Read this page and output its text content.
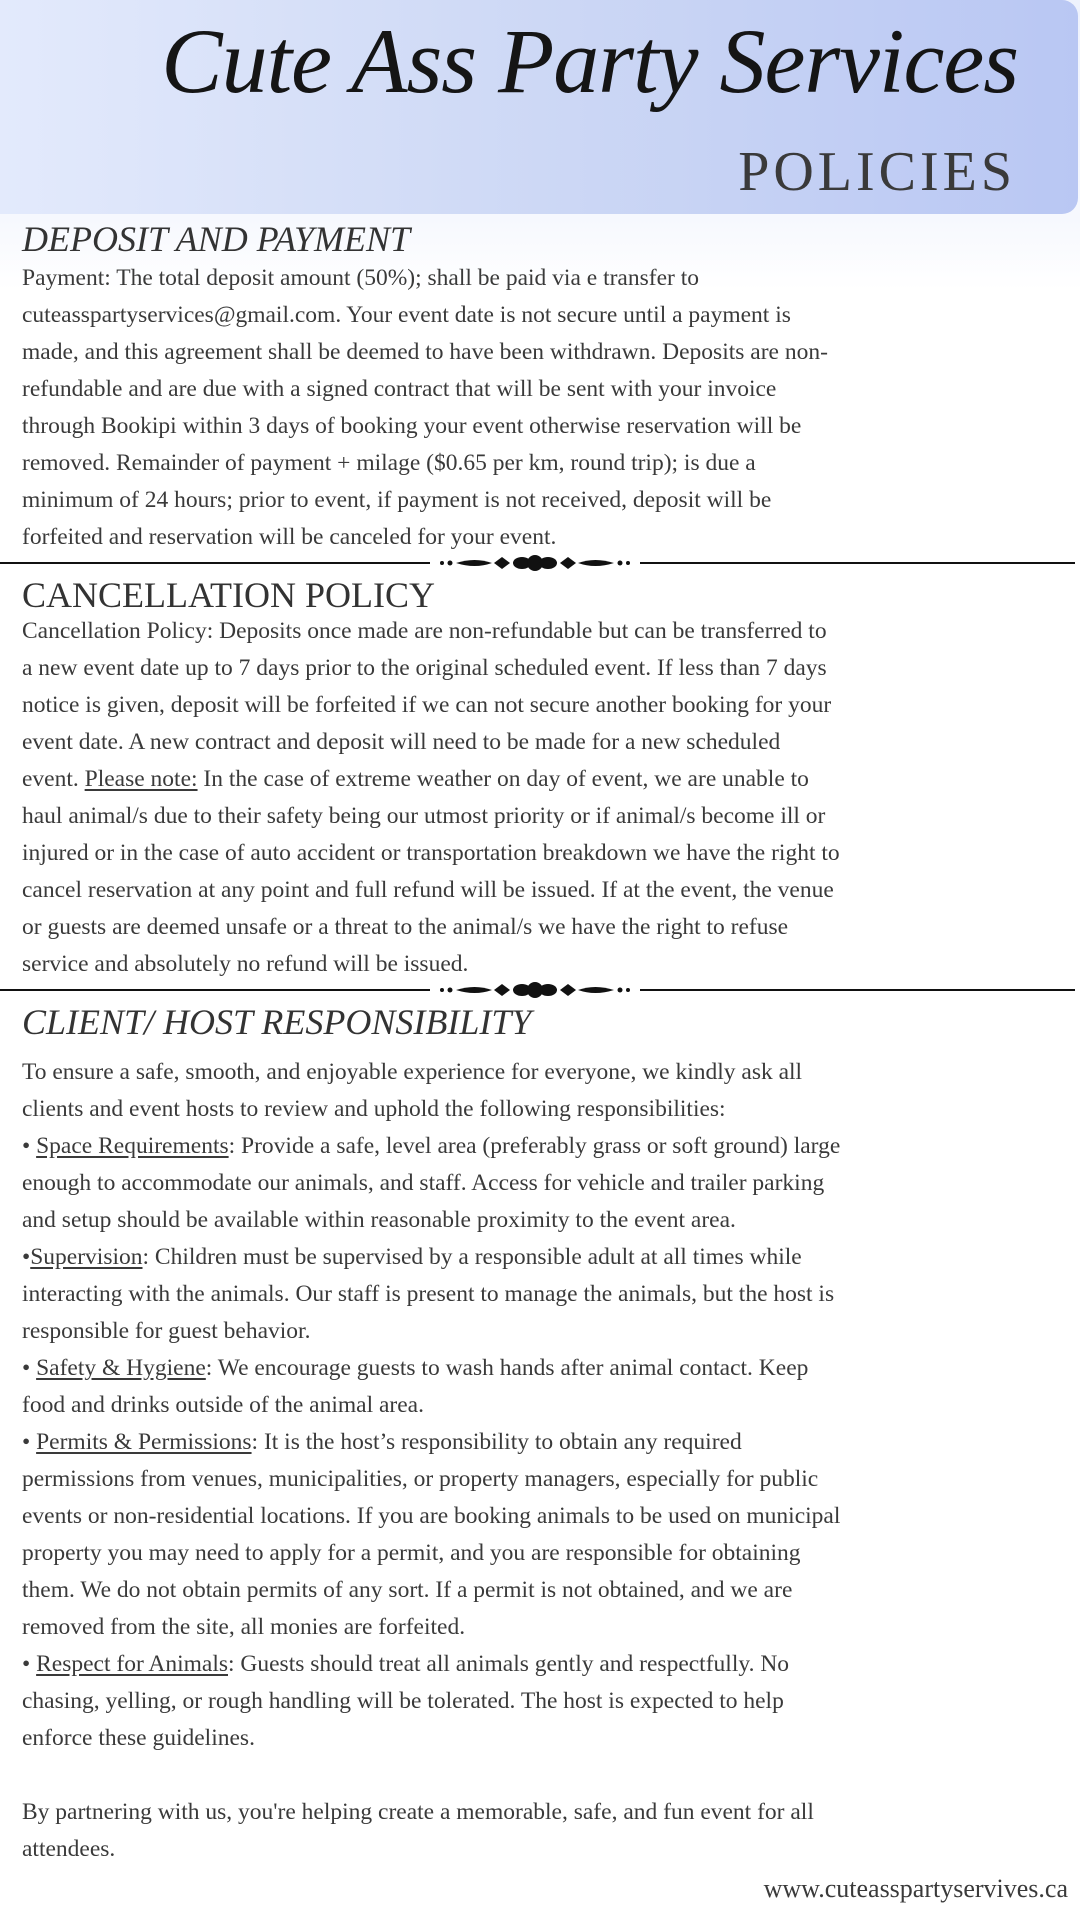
Cute Ass Party Services
POLICIES
DEPOSIT AND PAYMENT
Payment: The total deposit amount (50%); shall be paid via e transfer to
cuteasspartyservices@gmail.com. Your event date is not secure until a payment is
made, and this agreement shall be deemed to have been withdrawn. Deposits are non-
refundable and are due with a signed contract that will be sent with your invoice
through Bookipi within 3 days of booking your event otherwise reservation will be
removed. Remainder of payment + milage ($0.65 per km, round trip); is due a
minimum of 24 hours; prior to event, if payment is not received, deposit will be
forfeited and reservation will be canceled for your event.
CANCELLATION POLICY
Cancellation Policy: Deposits once made are non-refundable but can be transferred to
a new event date up to 7 days prior to the original scheduled event. If less than 7 days
notice is given, deposit will be forfeited if we can not secure another booking for your
event date. A new contract and deposit will need to be made for a new scheduled
event. Please note: In the case of extreme weather on day of event, we are unable to
haul animal/s due to their safety being our utmost priority or if animal/s become ill or
injured or in the case of auto accident or transportation breakdown we have the right to
cancel reservation at any point and full refund will be issued. If at the event, the venue
or guests are deemed unsafe or a threat to the animal/s we have the right to refuse
service and absolutely no refund will be issued.
CLIENT/ HOST RESPONSIBILITY
To ensure a safe, smooth, and enjoyable experience for everyone, we kindly ask all
clients and event hosts to review and uphold the following responsibilities:
• Space Requirements: Provide a safe, level area (preferably grass or soft ground) large
enough to accommodate our animals, and staff. Access for vehicle and trailer parking
and setup should be available within reasonable proximity to the event area.
•Supervision: Children must be supervised by a responsible adult at all times while
interacting with the animals. Our staff is present to manage the animals, but the host is
responsible for guest behavior.
• Safety & Hygiene: We encourage guests to wash hands after animal contact. Keep
food and drinks outside of the animal area.
• Permits & Permissions: It is the host’s responsibility to obtain any required
permissions from venues, municipalities, or property managers, especially for public
events or non-residential locations. If you are booking animals to be used on municipal
property you may need to apply for a permit, and you are responsible for obtaining
them. We do not obtain permits of any sort. If a permit is not obtained, and we are
removed from the site, all monies are forfeited.
• Respect for Animals: Guests should treat all animals gently and respectfully. No
chasing, yelling, or rough handling will be tolerated. The host is expected to help
enforce these guidelines.
By partnering with us, you're helping create a memorable, safe, and fun event for all
attendees.
www.cuteasspartyservives.ca
